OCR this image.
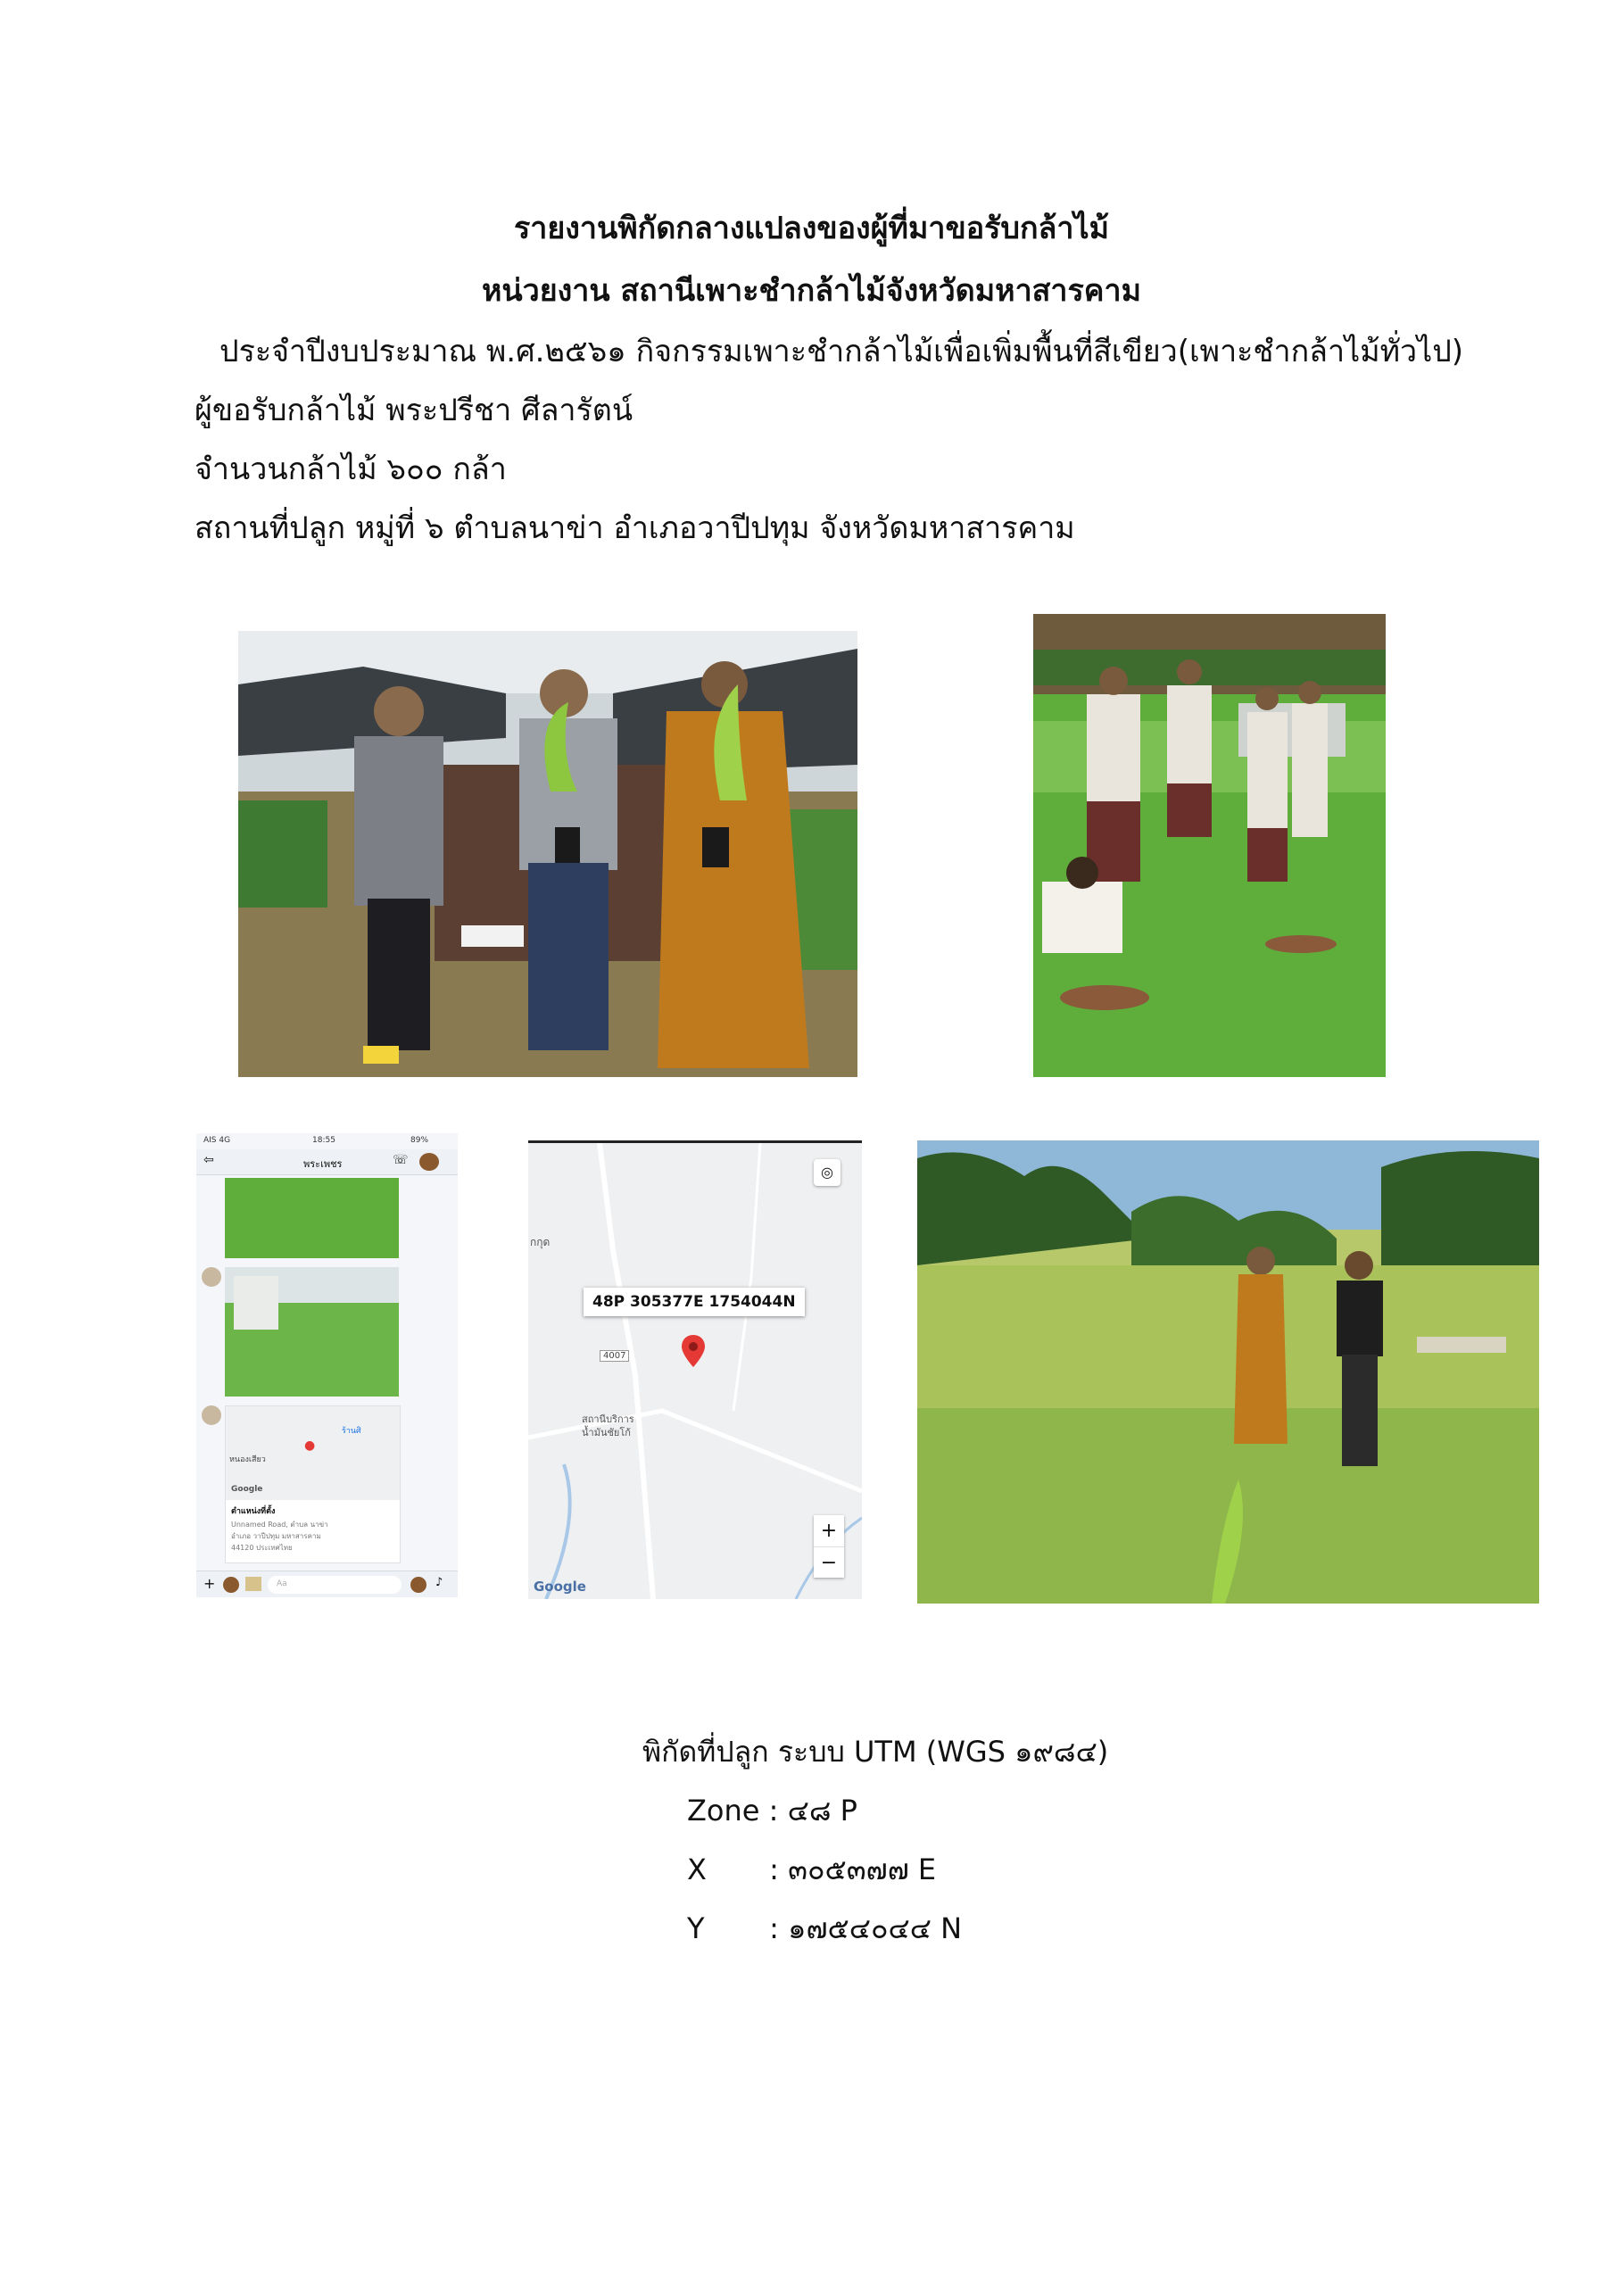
รายงานพิกัดกลางแปลงของผู้ที่มาขอรับกล้าไม้
หน่วยงาน สถานีเพาะชำกล้าไม้จังหวัดมหาสารคาม
ประจำปีงบประมาณ พ.ศ.๒๕๖๑ กิจกรรมเพาะชำกล้าไม้เพื่อเพิ่มพื้นที่สีเขียว(เพาะชำกล้าไม้ทั่วไป)
ผู้ขอรับกล้าไม้ พระปรีชา ศีลารัตน์
จำนวนกล้าไม้ ๖๐๐ กล้า
สถานที่ปลูก หมู่ที่ ๖ ตำบลนาข่า อำเภอวาปีปทุม จังหวัดมหาสารคาม
AIS 4G	18:55	89%
⇦	พระเพชร	☏
ร้านศิ
หนองเสียว
●
Google
ตำแหน่งที่ตั้ง
Unnamed Road, ตำบล นาข่า
อำเภอ วาปีปทุม มหาสารคาม
44120 ประเทศไทย
+	Aa	♪
◎
กกุด
48P 305377E 1754044N
4007
สถานีบริการ
น้ำมันชัยโก้
+
−
Google
พิกัดที่ปลูก ระบบ UTM (WGS ๑๙๘๔)
Zone : ๔๘ P
X : ๓๐๕๓๗๗ E
Y : ๑๗๕๔๐๔๔ N
